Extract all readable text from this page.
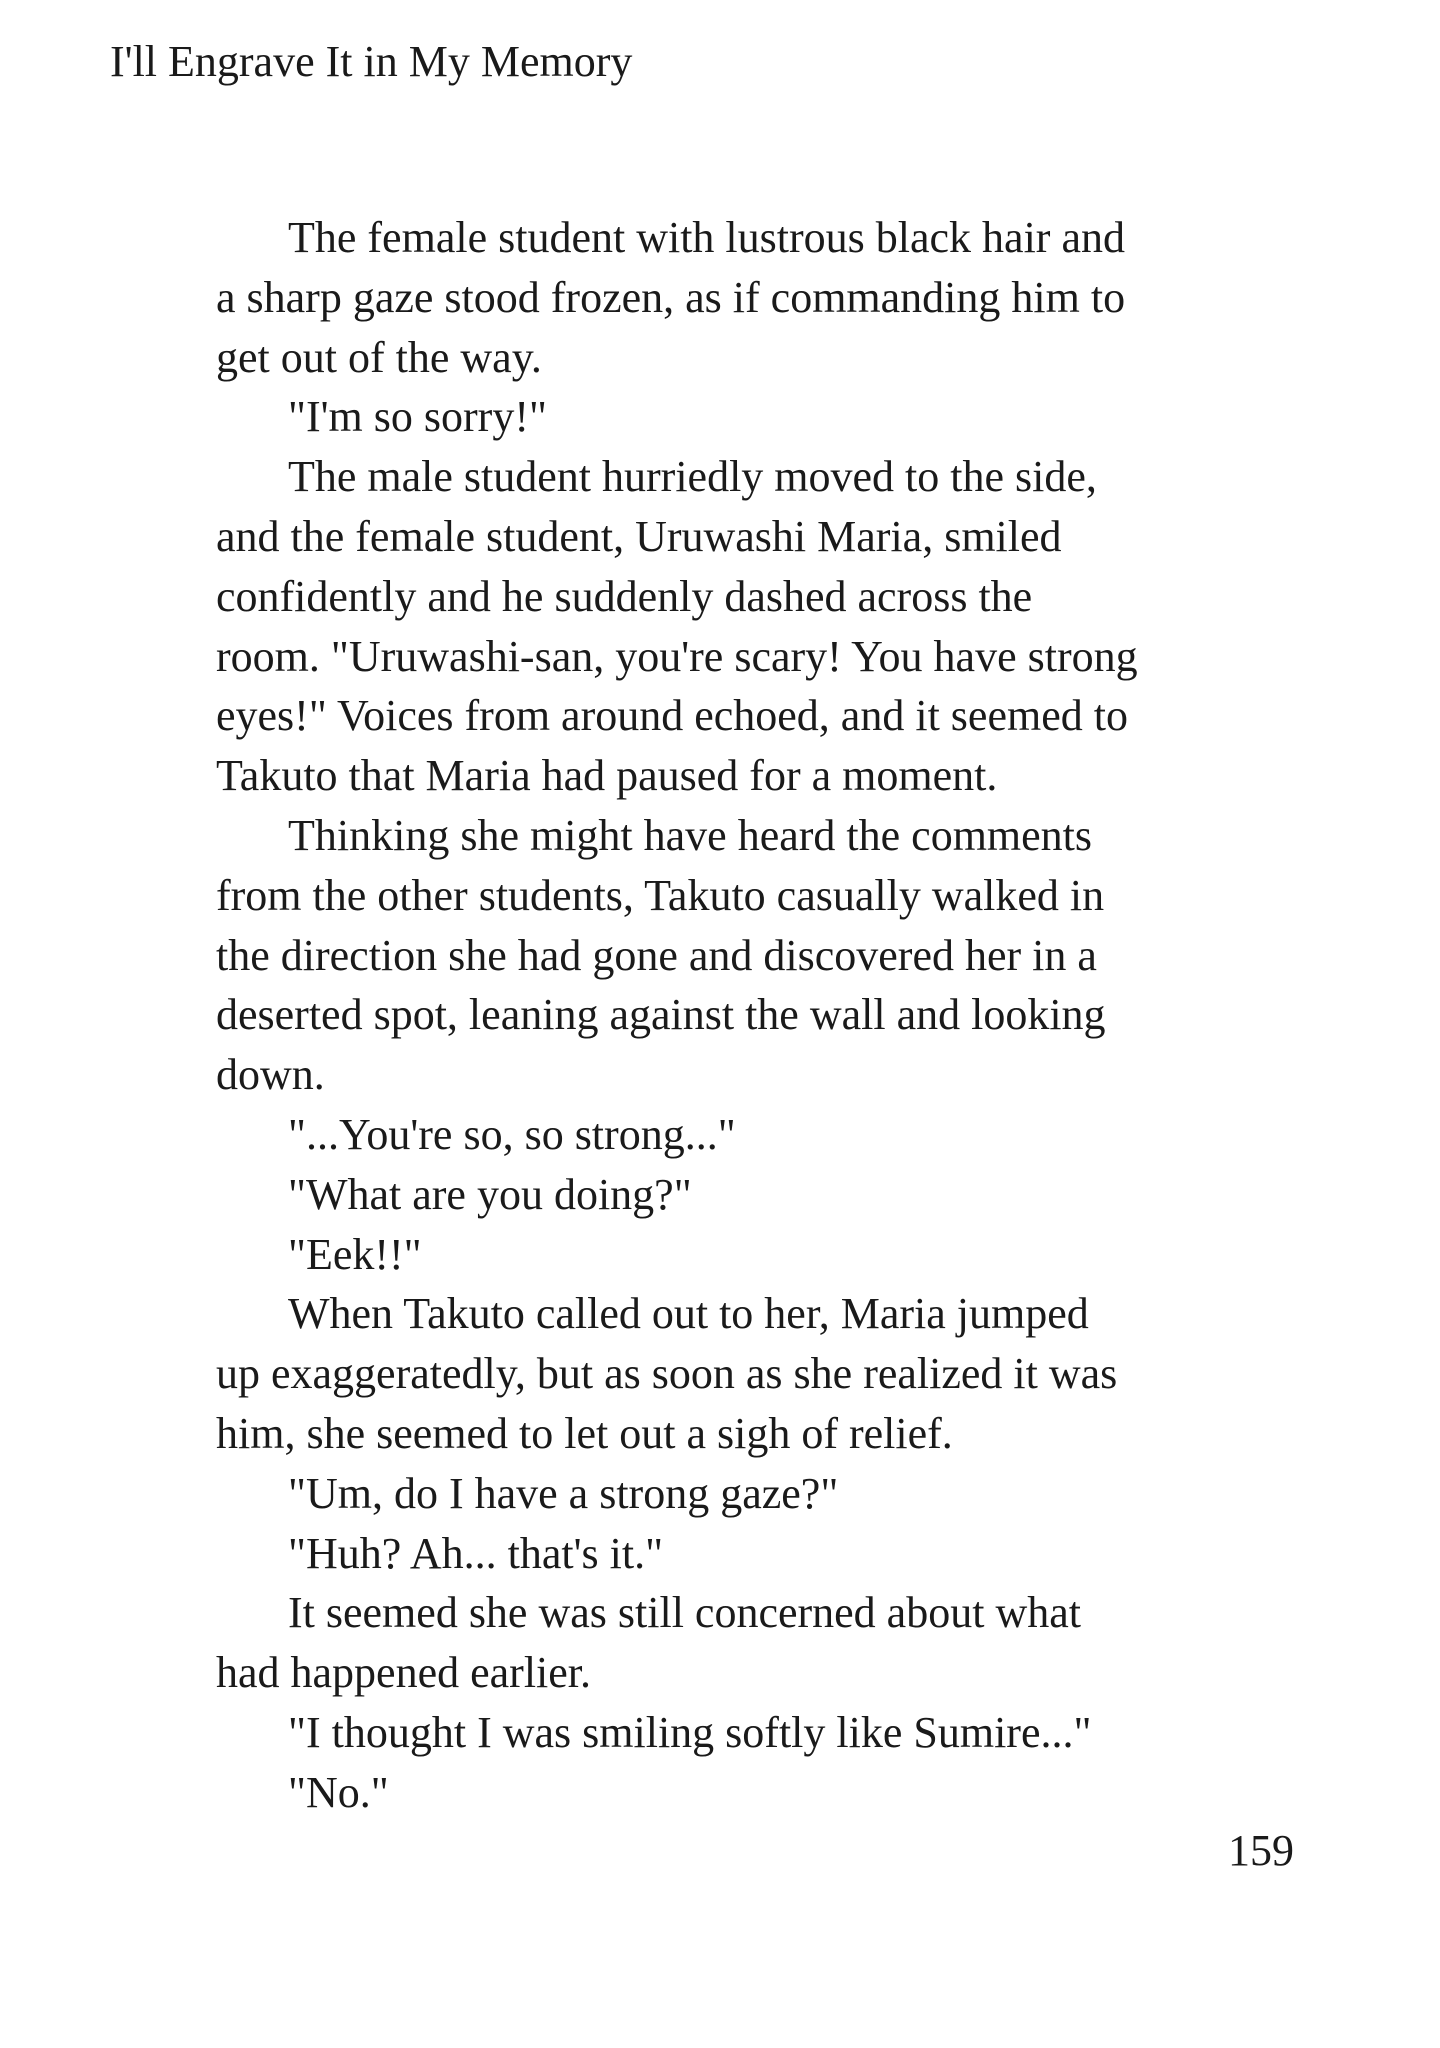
I'll Engrave It in My Memory
The female student with lustrous black hair and
a sharp gaze stood frozen, as if commanding him to
get out of the way.
"I'm so sorry!"
The male student hurriedly moved to the side,
and the female student, Uruwashi Maria, smiled
confidently and he suddenly dashed across the
room. "Uruwashi-san, you're scary! You have strong
eyes!" Voices from around echoed, and it seemed to
Takuto that Maria had paused for a moment.
Thinking she might have heard the comments
from the other students, Takuto casually walked in
the direction she had gone and discovered her in a
deserted spot, leaning against the wall and looking
down.
"...You're so, so strong..."
"What are you doing?"
"Eek!!"
When Takuto called out to her, Maria jumped
up exaggeratedly, but as soon as she realized it was
him, she seemed to let out a sigh of relief.
"Um, do I have a strong gaze?"
"Huh? Ah... that's it."
It seemed she was still concerned about what
had happened earlier.
"I thought I was smiling softly like Sumire..."
"No."
159
